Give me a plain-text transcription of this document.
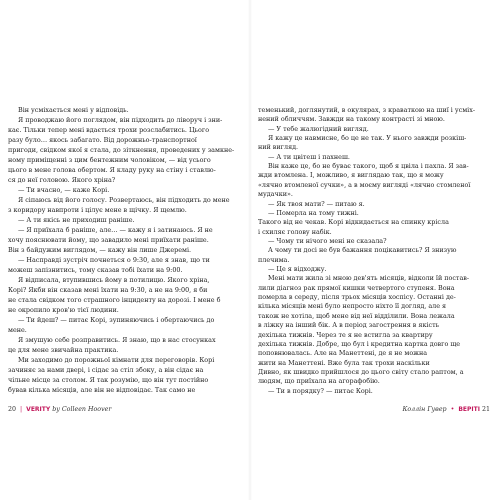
Він усміхається мені у відповідь.
Я проводжаю його поглядом, він підходить до ліворуч і зни-
кає. Тільки тепер мені вдається трохи розслабитись. Цього
разу було… якось забагато. Від дорожньо-транспортної
пригоди, свідком якої я стала, до зіткнення, проведених у замкне-
ному приміщенні з цим бентежним чоловіком, — від усього
цього в мене голова обертом. Я кладу руку на стіну і ставлю-
ся до неї головою. Якого хріна?
— Ти вчасно, — каже Корі.
Я сіпаюсь від його голосу. Розвертаюсь, він підходить до мене
з коридору навпроти і цілує мене в щічку. Я щемлю.
— А ти якісь не приходиш раніше.
— Я приїхала б раніше, але… — кажу я і затинаюсь. Я не
хочу пояснювати йому, що завадило мені приїхати раніше.
Він з байдужим виглядом, — кажу він лише Джеремі.
— Насправді зустріч почнеться о 9:30, але я знав, що ти
можеш запізнитись, тому сказав тобі їхати на 9:00.
Я відписала, втупившись йому в потилицю. Якого хріна,
Корі? Якби він сказав мені їхати на 9:30, а не на 9:00, я би
не стала свідком того страшного інциденту на дорозі. І мене б
не окропило кров'ю тієї людини.
— Ти йдеш? — питає Корі, зупиняючись і обертаючись до
мене.
Я змушую себе розправитись. Я знаю, що в нас стосунках
це для мене звичайна практика.
Ми заходимо до порожньої кімнати для переговорів. Корі
зачиняє за нами двері, і сідає за стіл збоку, а він сідає на
чільне місце за столом. Я так розумію, що він тут постійно
бував кілька місяців, але він не відповідає. Так само не
теменький, доглянутий, в окулярах, з краваткою на шиї і усміх-
нений обличчям. Завжди на такому контрасті зі мною.
— У тебе жалюгідний вигляд.
Я кажу це навмисне, бо це не так. У нього завжди розкіш-
ний вигляд.
— А ти цвітеш і пахнеш.
Він каже це, бо не буває такого, щоб я цвіла і пахла. Я зав-
жди втомлена. І, можливо, я виглядаю так, що я можу
«лячно втомленої сучки», а в моєму вигляді «лячно стомленої
мудачки».
— Як твоя мати? — питаю я.
— Померла на тому тижні.
Такого від не чекав. Корі відкидається на спинку крісла
і схиляє голову набік.
— Чому ти нічого мені не сказала?
А чому ти досі не був бажання поцікавитись? Я знизую
плечима.
— Це я відходжу.
Мені мати жила зі мною дев'ять місяців, відколи їй постав-
лили діагноз рак прямої кишки четвертого ступеня. Вона
померла в середу, після трьох місяців хоспісу. Останні де-
кілька місяців мені було непросто ніхто її догляд, але я
також не хотіла, щоб мене від неї відділили. Вона лежала
в ліжку на інший бік. А в період загострення в якість
дехілька тижнів. Через те я не встигла за квартиру
дехілька тижнів. Добре, що бул і кредитна картка довго ще
поповнювалась. Але на Манеттені, де я не можна
жити на Манеттені. Вже була так трохи наскільки
Дивно, як швидко прийшлося до цього світу стало раптом, а
людям, що приїхала на агорафобію.
— Ти в порядку? — питає Корі.
20 | VERITY by Colleen Hoover	Коллін Гувер • ВЕРІТІ 21
